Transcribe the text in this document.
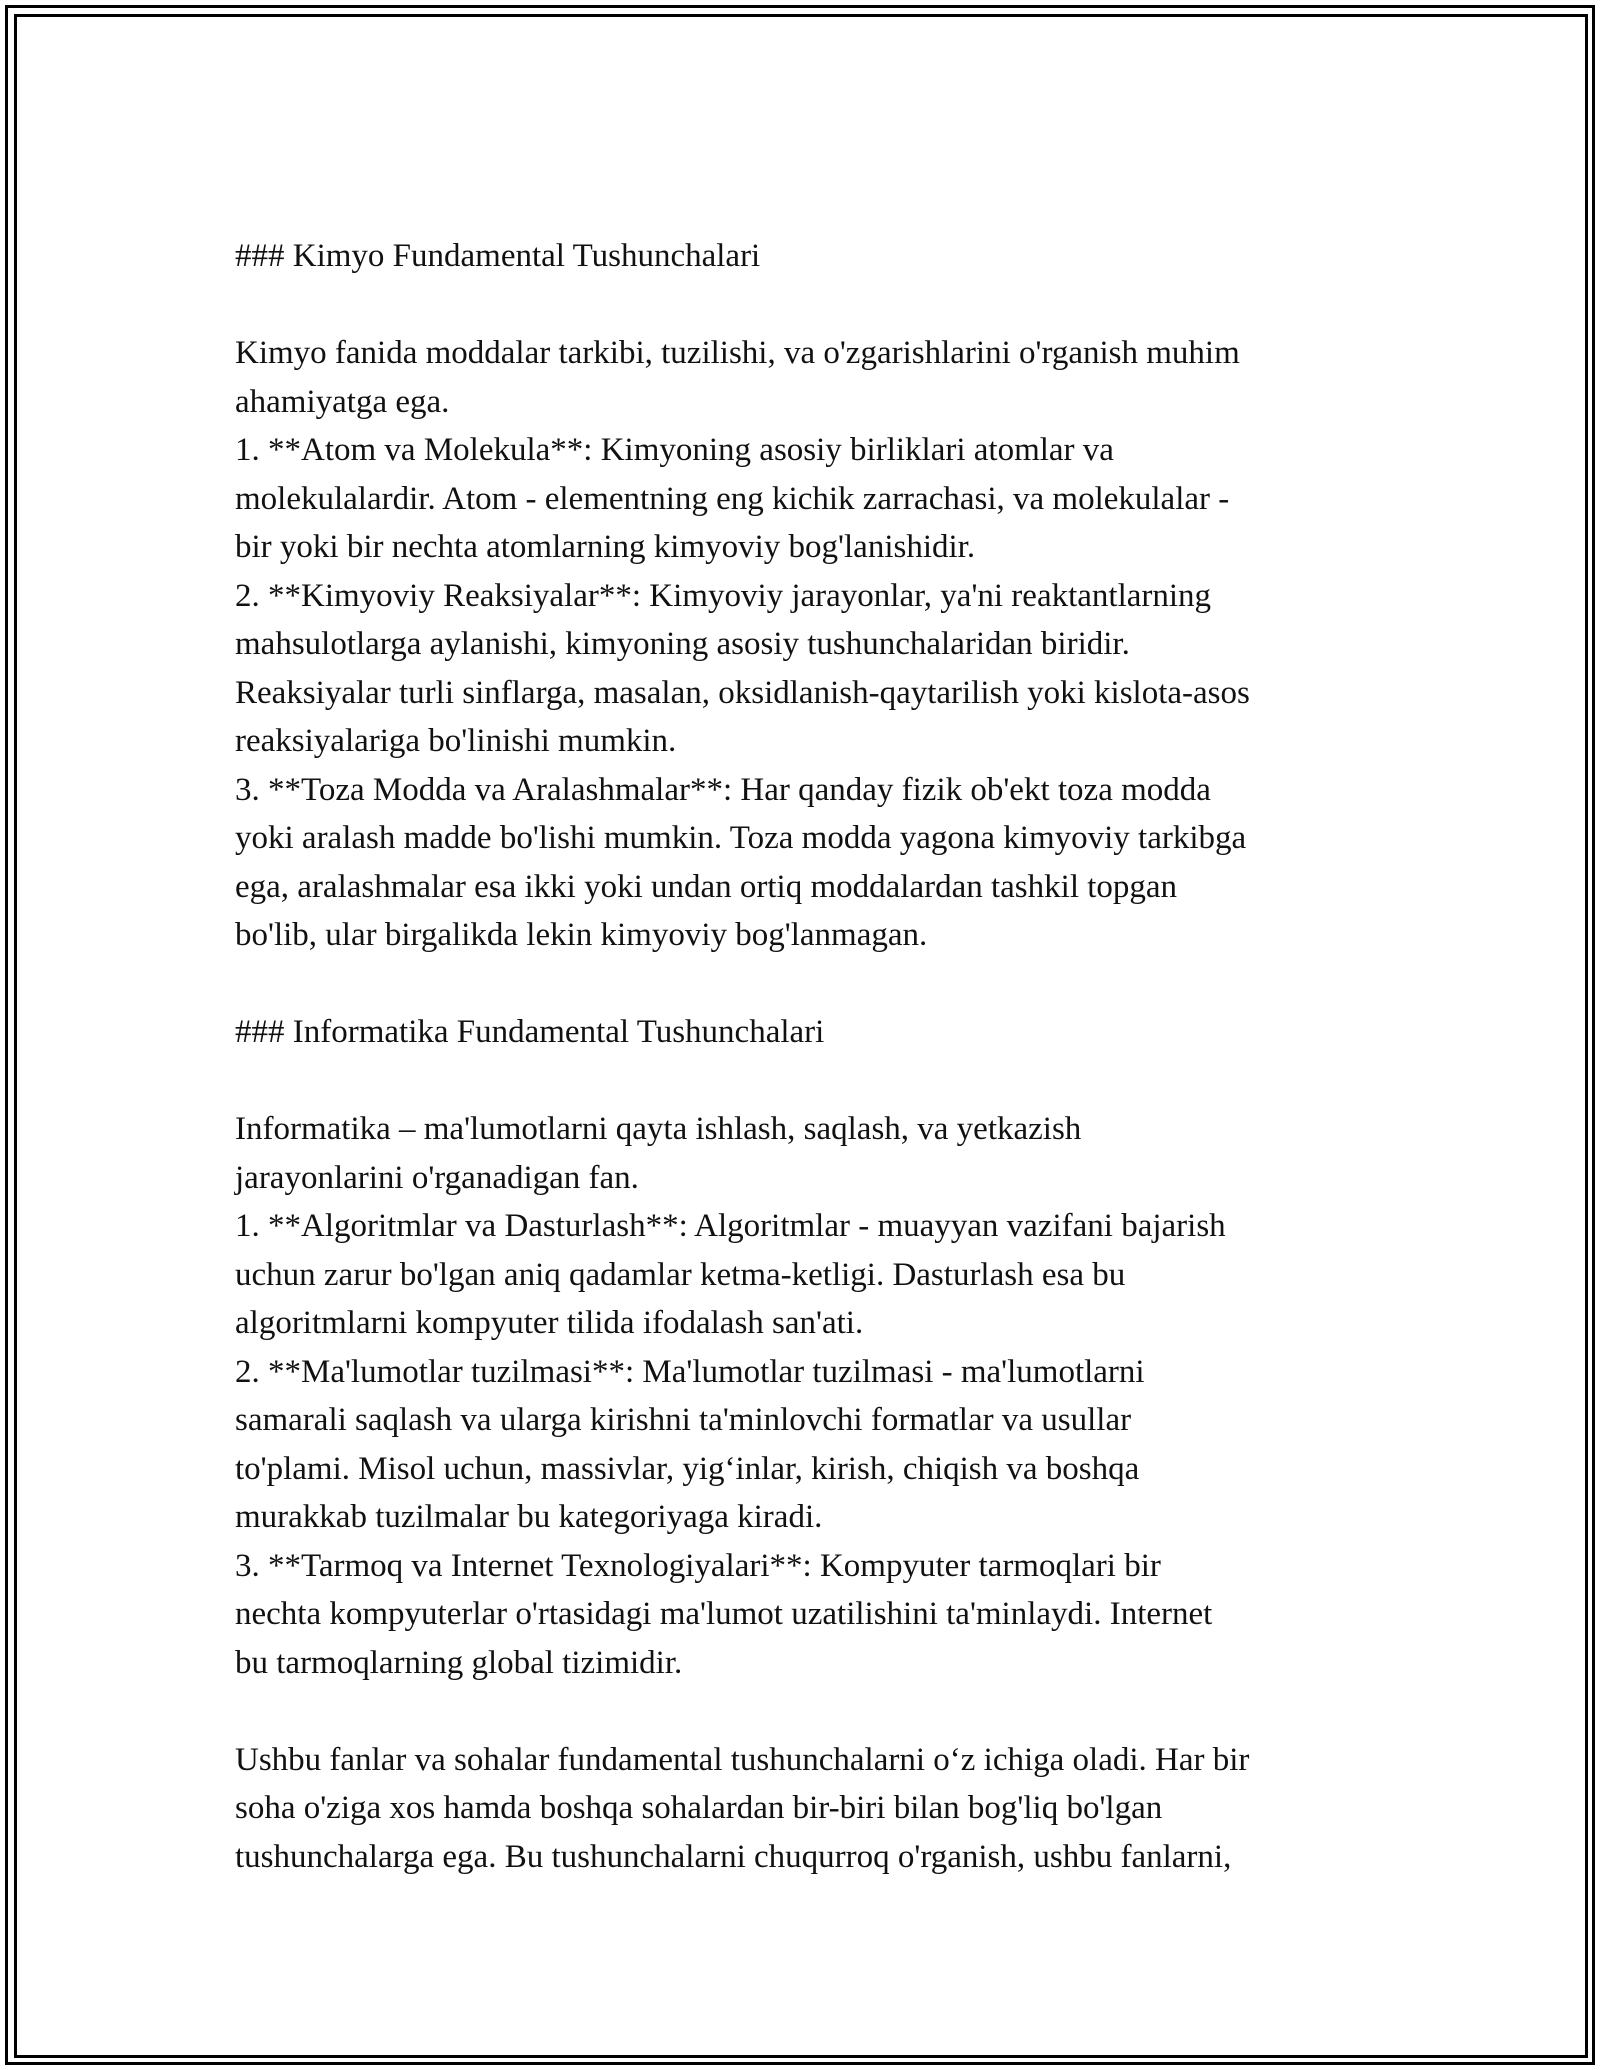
### Kimyo Fundamental Tushunchalari
Kimyo fanida moddalar tarkibi, tuzilishi, va o'zgarishlarini o'rganish muhim
ahamiyatga ega.
1. **Atom va Molekula**: Kimyoning asosiy birliklari atomlar va
molekulalardir. Atom - elementning eng kichik zarrachasi, va molekulalar -
bir yoki bir nechta atomlarning kimyoviy bog'lanishidir.
2. **Kimyoviy Reaksiyalar**: Kimyoviy jarayonlar, ya'ni reaktantlarning
mahsulotlarga aylanishi, kimyoning asosiy tushunchalaridan biridir.
Reaksiyalar turli sinflarga, masalan, oksidlanish-qaytarilish yoki kislota-asos
reaksiyalariga bo'linishi mumkin.
3. **Toza Modda va Aralashmalar**: Har qanday fizik ob'ekt toza modda
yoki aralash madde bo'lishi mumkin. Toza modda yagona kimyoviy tarkibga
ega, aralashmalar esa ikki yoki undan ortiq moddalardan tashkil topgan
bo'lib, ular birgalikda lekin kimyoviy bog'lanmagan.
### Informatika Fundamental Tushunchalari
Informatika – ma'lumotlarni qayta ishlash, saqlash, va yetkazish
jarayonlarini o'rganadigan fan.
1. **Algoritmlar va Dasturlash**: Algoritmlar - muayyan vazifani bajarish
uchun zarur bo'lgan aniq qadamlar ketma-ketligi. Dasturlash esa bu
algoritmlarni kompyuter tilida ifodalash san'ati.
2. **Ma'lumotlar tuzilmasi**: Ma'lumotlar tuzilmasi - ma'lumotlarni
samarali saqlash va ularga kirishni ta'minlovchi formatlar va usullar
to'plami. Misol uchun, massivlar, yig‘inlar, kirish, chiqish va boshqa
murakkab tuzilmalar bu kategoriyaga kiradi.
3. **Tarmoq va Internet Texnologiyalari**: Kompyuter tarmoqlari bir
nechta kompyuterlar o'rtasidagi ma'lumot uzatilishini ta'minlaydi. Internet
bu tarmoqlarning global tizimidir.
Ushbu fanlar va sohalar fundamental tushunchalarni o‘z ichiga oladi. Har bir
soha o'ziga xos hamda boshqa sohalardan bir-biri bilan bog'liq bo'lgan
tushunchalarga ega. Bu tushunchalarni chuqurroq o'rganish, ushbu fanlarni,
